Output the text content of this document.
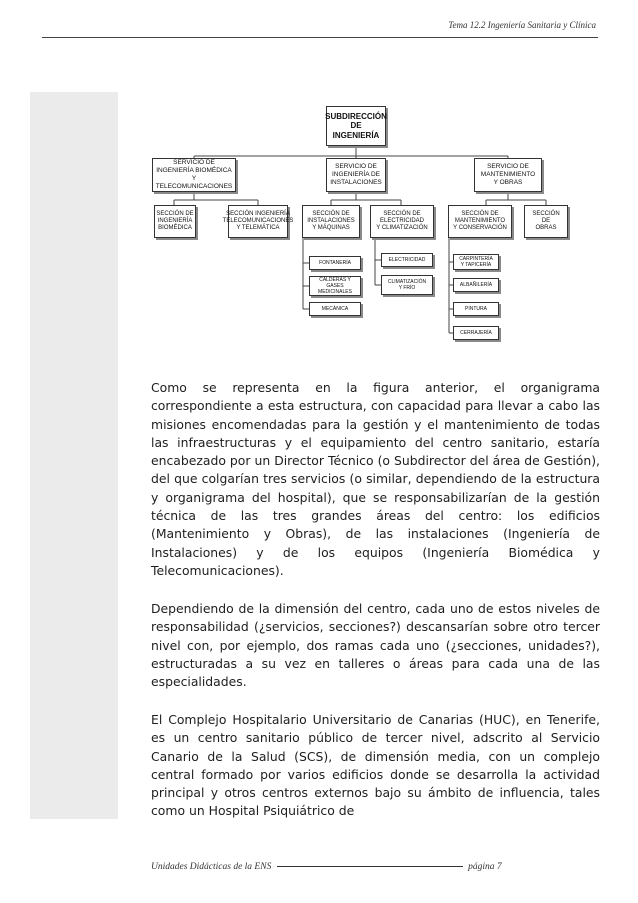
Tema 12.2 Ingeniería Sanitaria y Clínica
SUBDIRECCIÓN
DE
INGENIERÍA
SERVICIO DE
INGENIERÍA BIOMÉDICA Y
TELECOMUNICACIONES
SERVICIO DE
INGENIERÍA DE
INSTALACIONES
SERVICIO DE
MANTENIMIENTO
Y OBRAS
SECCIÓN DE
INGENIERÍA
BIOMÉDICA
SECCIÓN INGENIERÍA
TELECOMUNICACIONES
Y TELEMÁTICA
SECCIÓN DE
INSTALACIONES
Y MÁQUINAS
SECCIÓN DE
ELECTRICIDAD
Y CLIMATIZACIÓN
SECCIÓN DE
MANTENIMIENTO
Y CONSERVACIÓN
SECCIÓN
DE
OBRAS
FONTANERÍA
CALDERAS Y
GASES MEDICINALES
MECÁNICA
ELECTRICIDAD
CLIMATIZACIÓN
Y FRÍO
CARPINTERÍA
Y TAPICERÍA
ALBAÑILERÍA
PINTURA
CERRAJERÍA

Como se representa en la figura anterior, el organigrama correspondiente a esta estructura, con capacidad para llevar a cabo las misiones encomendadas para la gestión y el mantenimiento de todas las infraestructuras y el equipamiento del centro sanitario, estaría encabezado por un Director Técnico (o Subdirector del área de Gestión), del que colgarían tres servicios (o similar, dependiendo de la estructura y organigrama del hospital), que se responsabilizarían de la gestión técnica de las tres grandes áreas del centro: los edificios (Mantenimiento y Obras), de las instalaciones (Ingeniería de Instalaciones) y de los equipos (Ingeniería Biomédica y Telecomunicaciones).

Dependiendo de la dimensión del centro, cada uno de estos niveles de responsabilidad (¿servicios, secciones?) descansarían sobre otro tercer nivel con, por ejemplo, dos ramas cada uno (¿secciones, unidades?), estructuradas a su vez en talleres o áreas para cada una de las especialidades.

El Complejo Hospitalario Universitario de Canarias (HUC), en Tenerife, es un centro sanitario público de tercer nivel, adscrito al Servicio Canario de la Salud (SCS), de dimensión media, con un complejo central formado por varios edificios donde se desarrolla la actividad principal y otros centros externos bajo su ámbito de influencia, tales como un Hospital Psiquiátrico de

Unidades Didácticas de la ENS	página 7
